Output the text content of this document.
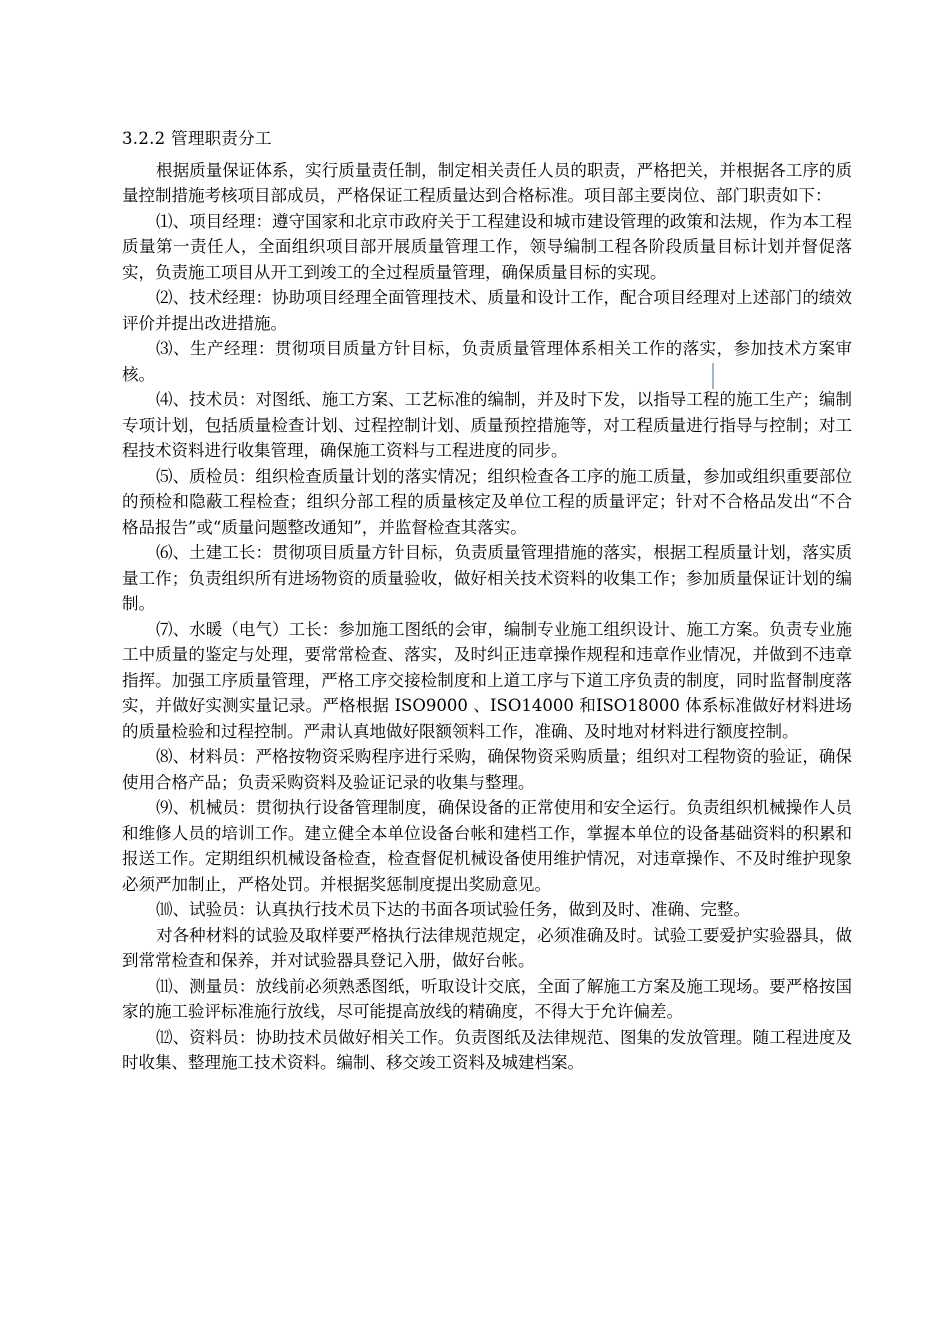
3.2.2 管理职责分工

根据质量保证体系，实行质量责任制，制定相关责任人员的职责，严格把关，并根据各工序的质量控制措施考核项目部成员，严格保证工程质量达到合格标准。项目部主要岗位、部门职责如下：

⑴、项目经理：遵守国家和北京市政府关于工程建设和城市建设管理的政策和法规，作为本工程质量第一责任人，全面组织项目部开展质量管理工作，领导编制工程各阶段质量目标计划并督促落实，负责施工项目从开工到竣工的全过程质量管理，确保质量目标的实现。

⑵、技术经理：协助项目经理全面管理技术、质量和设计工作，配合项目经理对上述部门的绩效评价并提出改进措施。

⑶、生产经理：贯彻项目质量方针目标，负责质量管理体系相关工作的落实，参加技术方案审核。

⑷、技术员：对图纸、施工方案、工艺标准的编制，并及时下发，以指导工程的施工生产；编制专项计划，包括质量检查计划、过程控制计划、质量预控措施等，对工程质量进行指导与控制；对工程技术资料进行收集管理，确保施工资料与工程进度的同步。

⑸、质检员：组织检查质量计划的落实情况；组织检查各工序的施工质量，参加或组织重要部位的预检和隐蔽工程检查；组织分部工程的质量核定及单位工程的质量评定；针对不合格品发出“不合格品报告”或“质量问题整改通知”，并监督检查其落实。

⑹、土建工长：贯彻项目质量方针目标，负责质量管理措施的落实，根据工程质量计划，落实质量工作；负责组织所有进场物资的质量验收，做好相关技术资料的收集工作；参加质量保证计划的编制。

⑺、水暖（电气）工长：参加施工图纸的会审，编制专业施工组织设计、施工方案。负责专业施工中质量的鉴定与处理，要常常检查、落实，及时纠正违章操作规程和违章作业情况，并做到不违章指挥。加强工序质量管理，严格工序交接检制度和上道工序与下道工序负责的制度，同时监督制度落实，并做好实测实量记录。严格根据 ISO9000 、ISO14000 和ISO18000 体系标准做好材料进场的质量检验和过程控制。严肃认真地做好限额领料工作，准确、及时地对材料进行额度控制。

⑻、材料员：严格按物资采购程序进行采购，确保物资采购质量；组织对工程物资的验证，确保使用合格产品；负责采购资料及验证记录的收集与整理。

⑼、机械员：贯彻执行设备管理制度，确保设备的正常使用和安全运行。负责组织机械操作人员和维修人员的培训工作。建立健全本单位设备台帐和建档工作，掌握本单位的设备基础资料的积累和报送工作。定期组织机械设备检查，检查督促机械设备使用维护情况，对违章操作、不及时维护现象必须严加制止，严格处罚。并根据奖惩制度提出奖励意见。

⑽、试验员：认真执行技术员下达的书面各项试验任务，做到及时、准确、完整。

对各种材料的试验及取样要严格执行法律规范规定，必须准确及时。试验工要爱护实验器具，做到常常检查和保养，并对试验器具登记入册，做好台帐。

⑾、测量员：放线前必须熟悉图纸，听取设计交底，全面了解施工方案及施工现场。要严格按国家的施工验评标准施行放线，尽可能提高放线的精确度，不得大于允许偏差。

⑿、资料员：协助技术员做好相关工作。负责图纸及法律规范、图集的发放管理。随工程进度及时收集、整理施工技术资料。编制、移交竣工资料及城建档案。
